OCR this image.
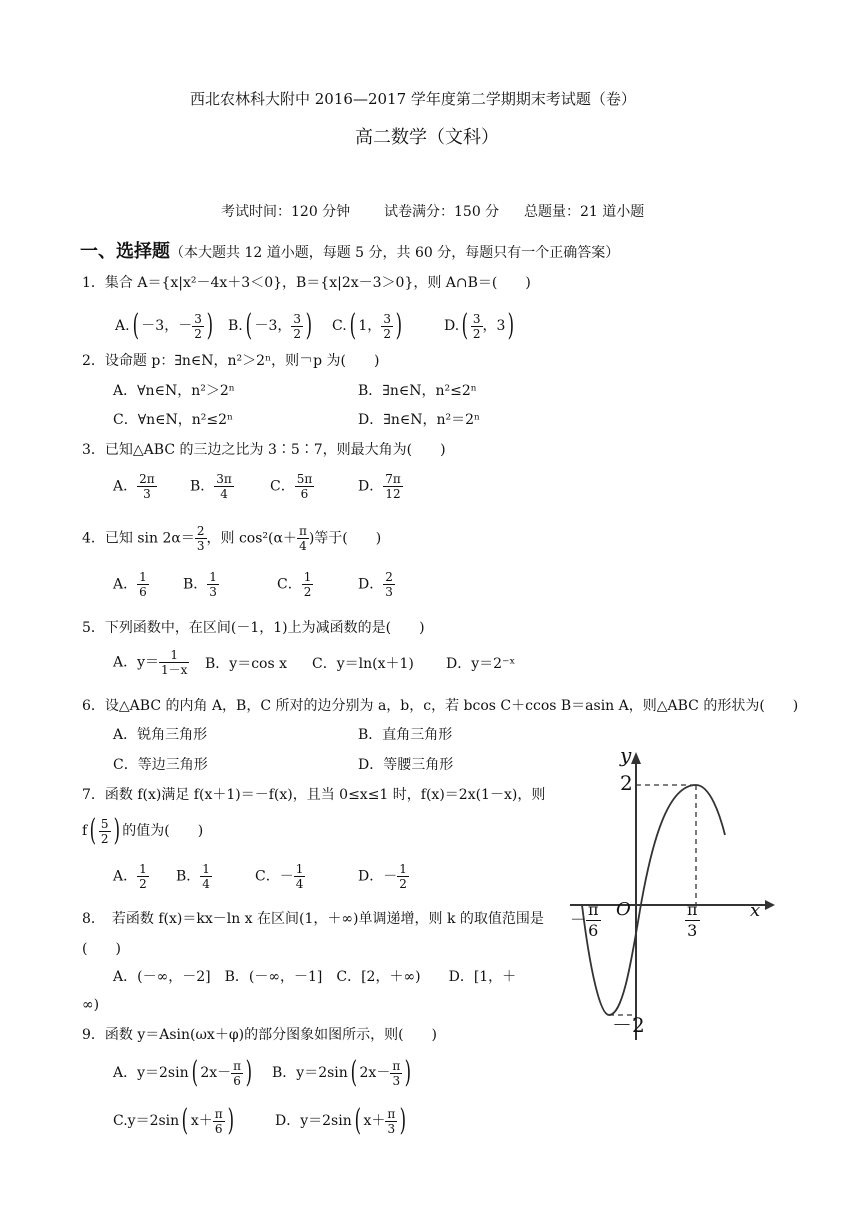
西北农林科大附中 2016—2017 学年度第二学期期末考试题（卷）
高二数学（文科）
考试时间：120 分钟 试卷满分：150 分 总题量：21 道小题
一、选择题（本大题共 12 道小题，每题 5 分，共 60 分，每题只有一个正确答案）
1．集合 A＝{x|x²－4x＋3＜0}，B＝{x|2x－3＞0}，则 A∩B＝(　　)
A.( －3，－ $\frac{3}{2}$ ) B.( －3， $\frac{3}{2}$ ) C.( 1， $\frac{3}{2}$ )	$D.( \frac{3}{2}$ ，3)
2．设命题 p：∃n∈N，n²＞2ⁿ，则￢p 为(　　)
A．∀n∈N，n²＞2ⁿ	B．∃n∈N，n²≤2ⁿ
C．∀n∈N，n²≤2ⁿ	D．∃n∈N，n²＝2ⁿ
3．已知△ABC 的三边之比为 3∶5∶7，则最大角为(　　)
A． $\frac{2\pi}{3}$ B． $\frac{3\pi}{4}$	C． $\frac{5\pi}{6}$	D． $\frac{7\pi}{12}$
4．已知 $\sin 2\alpha= \frac{2}{3}$ ，则 $\cos^2(\alpha+ \frac{\pi}{4}$ )等于(　　)
A． $\frac{1}{6}$ B． $\frac{1}{3}$	C． $\frac{1}{2}$	D． $\frac{2}{3}$
5．下列函数中，在区间(－1，1)上为减函数的是(　　)
A．$y= \frac{1}{1-x}$ B．y＝cos x C．y＝ln(x＋1) D．y＝2⁻ˣ
6．设△ABC 的内角 A，B，C 所对的边分别为 a，b，c，若 bcos C＋ccos B＝asin A，则△ABC 的形状为(　　)
A．锐角三角形	B．直角三角形
C．等边三角形	D．等腰三角形
7．函数 f(x)满足 f(x＋1)＝－f(x)，且当 0≤x≤1 时，f(x)＝2x(1－x)，则
$f( \frac{5}{2}$ ) 的值为(　　)
A． $\frac{1}{2}$ B． $\frac{1}{4}$	C．－ $\frac{1}{4}$	D．－ $\frac{1}{2}$
8．　若函数 f(x)＝kx－ln x 在区间(1，＋∞)单调递增，则 k 的取值范围是
(　　)
A．(－∞，－2]　B．(－∞，－1]　C．[2，＋∞)　　D．[1，＋
∞)
9．函数 y＝Asin(ωx＋φ)的部分图象如图所示，则(　　)
A．y＝2sin( $2x- \frac{\pi}{6}$ ) B．y＝2sin( $2x- \frac{\pi}{3}$ )
C.y＝2sin( $x+ \frac{\pi}{6}$ )	D．y＝2sin( $x+ \frac{\pi}{3}$ )
y
x
O
2
－2
－ $\frac{\pi}{6}$	$\frac{\pi}{3}$
